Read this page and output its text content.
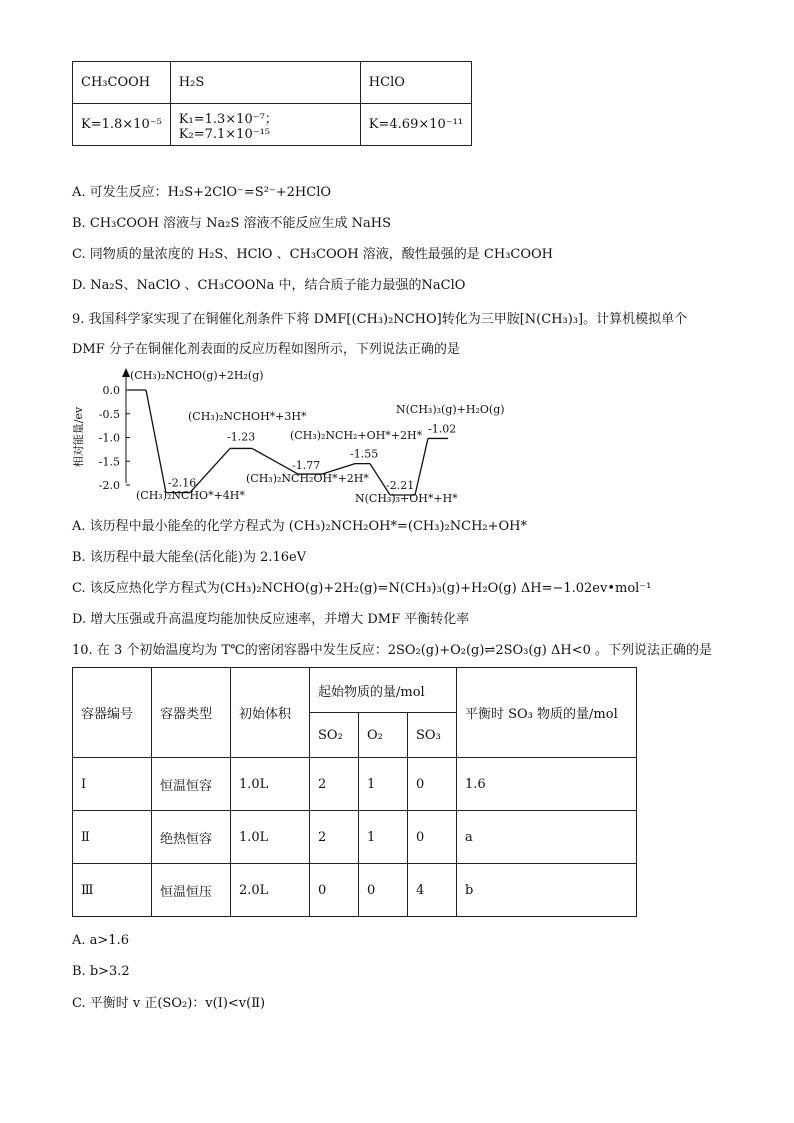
CH₃COOH	H₂S	HClO
K=1.8×10⁻⁵	K₁=1.3×10⁻⁷；K₂=7.1×10⁻¹⁵	K=4.69×10⁻¹¹
A. 可发生反应：H₂S+2ClO⁻=S²⁻+2HClO
B. CH₃COOH 溶液与 Na₂S 溶液不能反应生成 NaHS
C. 同物质的量浓度的 H₂S、HClO 、CH₃COOH 溶液，酸性最强的是 CH₃COOH
D. Na₂S、NaClO 、CH₃COONa 中，结合质子能力最强的NaClO
9. 我国科学家实现了在铜催化剂条件下将 DMF[(CH₃)₂NCHO]转化为三甲胺[N(CH₃)₃]。计算机模拟单个
DMF 分子在铜催化剂表面的反应历程如图所示，下列说法正确的是
相对能量/ev
0.0
-0.5
-1.0
-1.5
-2.0	-2.16
-1.23
-1.77
-1.55
-2.21
-1.02
(CH₃)₂NCHO(g)+2H₂(g)
(CH₃)₂NCHO*+4H*
(CH₃)₂NCHOH*+3H*
(CH₃)₂NCH₂OH*+2H*
(CH₃)₂NCH₂+OH*+2H*
N(CH₃)₃+OH*+H*
N(CH₃)₃(g)+H₂O(g)
A. 该历程中最小能垒的化学方程式为 (CH₃)₂NCH₂OH*=(CH₃)₂NCH₂+OH*
B. 该历程中最大能垒(活化能)为 2.16eV
C. 该反应热化学方程式为(CH₃)₂NCHO(g)+2H₂(g)=N(CH₃)₃(g)+H₂O(g) ΔH=−1.02ev•mol⁻¹
D. 增大压强或升高温度均能加快反应速率，并增大 DMF 平衡转化率
10. 在 3 个初始温度均为 T℃的密闭容器中发生反应：2SO₂(g)+O₂(g)⇌2SO₃(g) ΔH<0 。下列说法正确的是
容器编号	容器类型	初始体积	起始物质的量/mol			平衡时 SO₃ 物质的量/mol
			SO₂	O₂	SO₃	
Ⅰ	恒温恒容	1.0L	2	1	0	1.6
Ⅱ	绝热恒容	1.0L	2	1	0	a
Ⅲ	恒温恒压	2.0L	0	0	4	b
A. a>1.6
B. b>3.2
C. 平衡时 v 正(SO₂)：v(Ⅰ)<v(Ⅱ)
